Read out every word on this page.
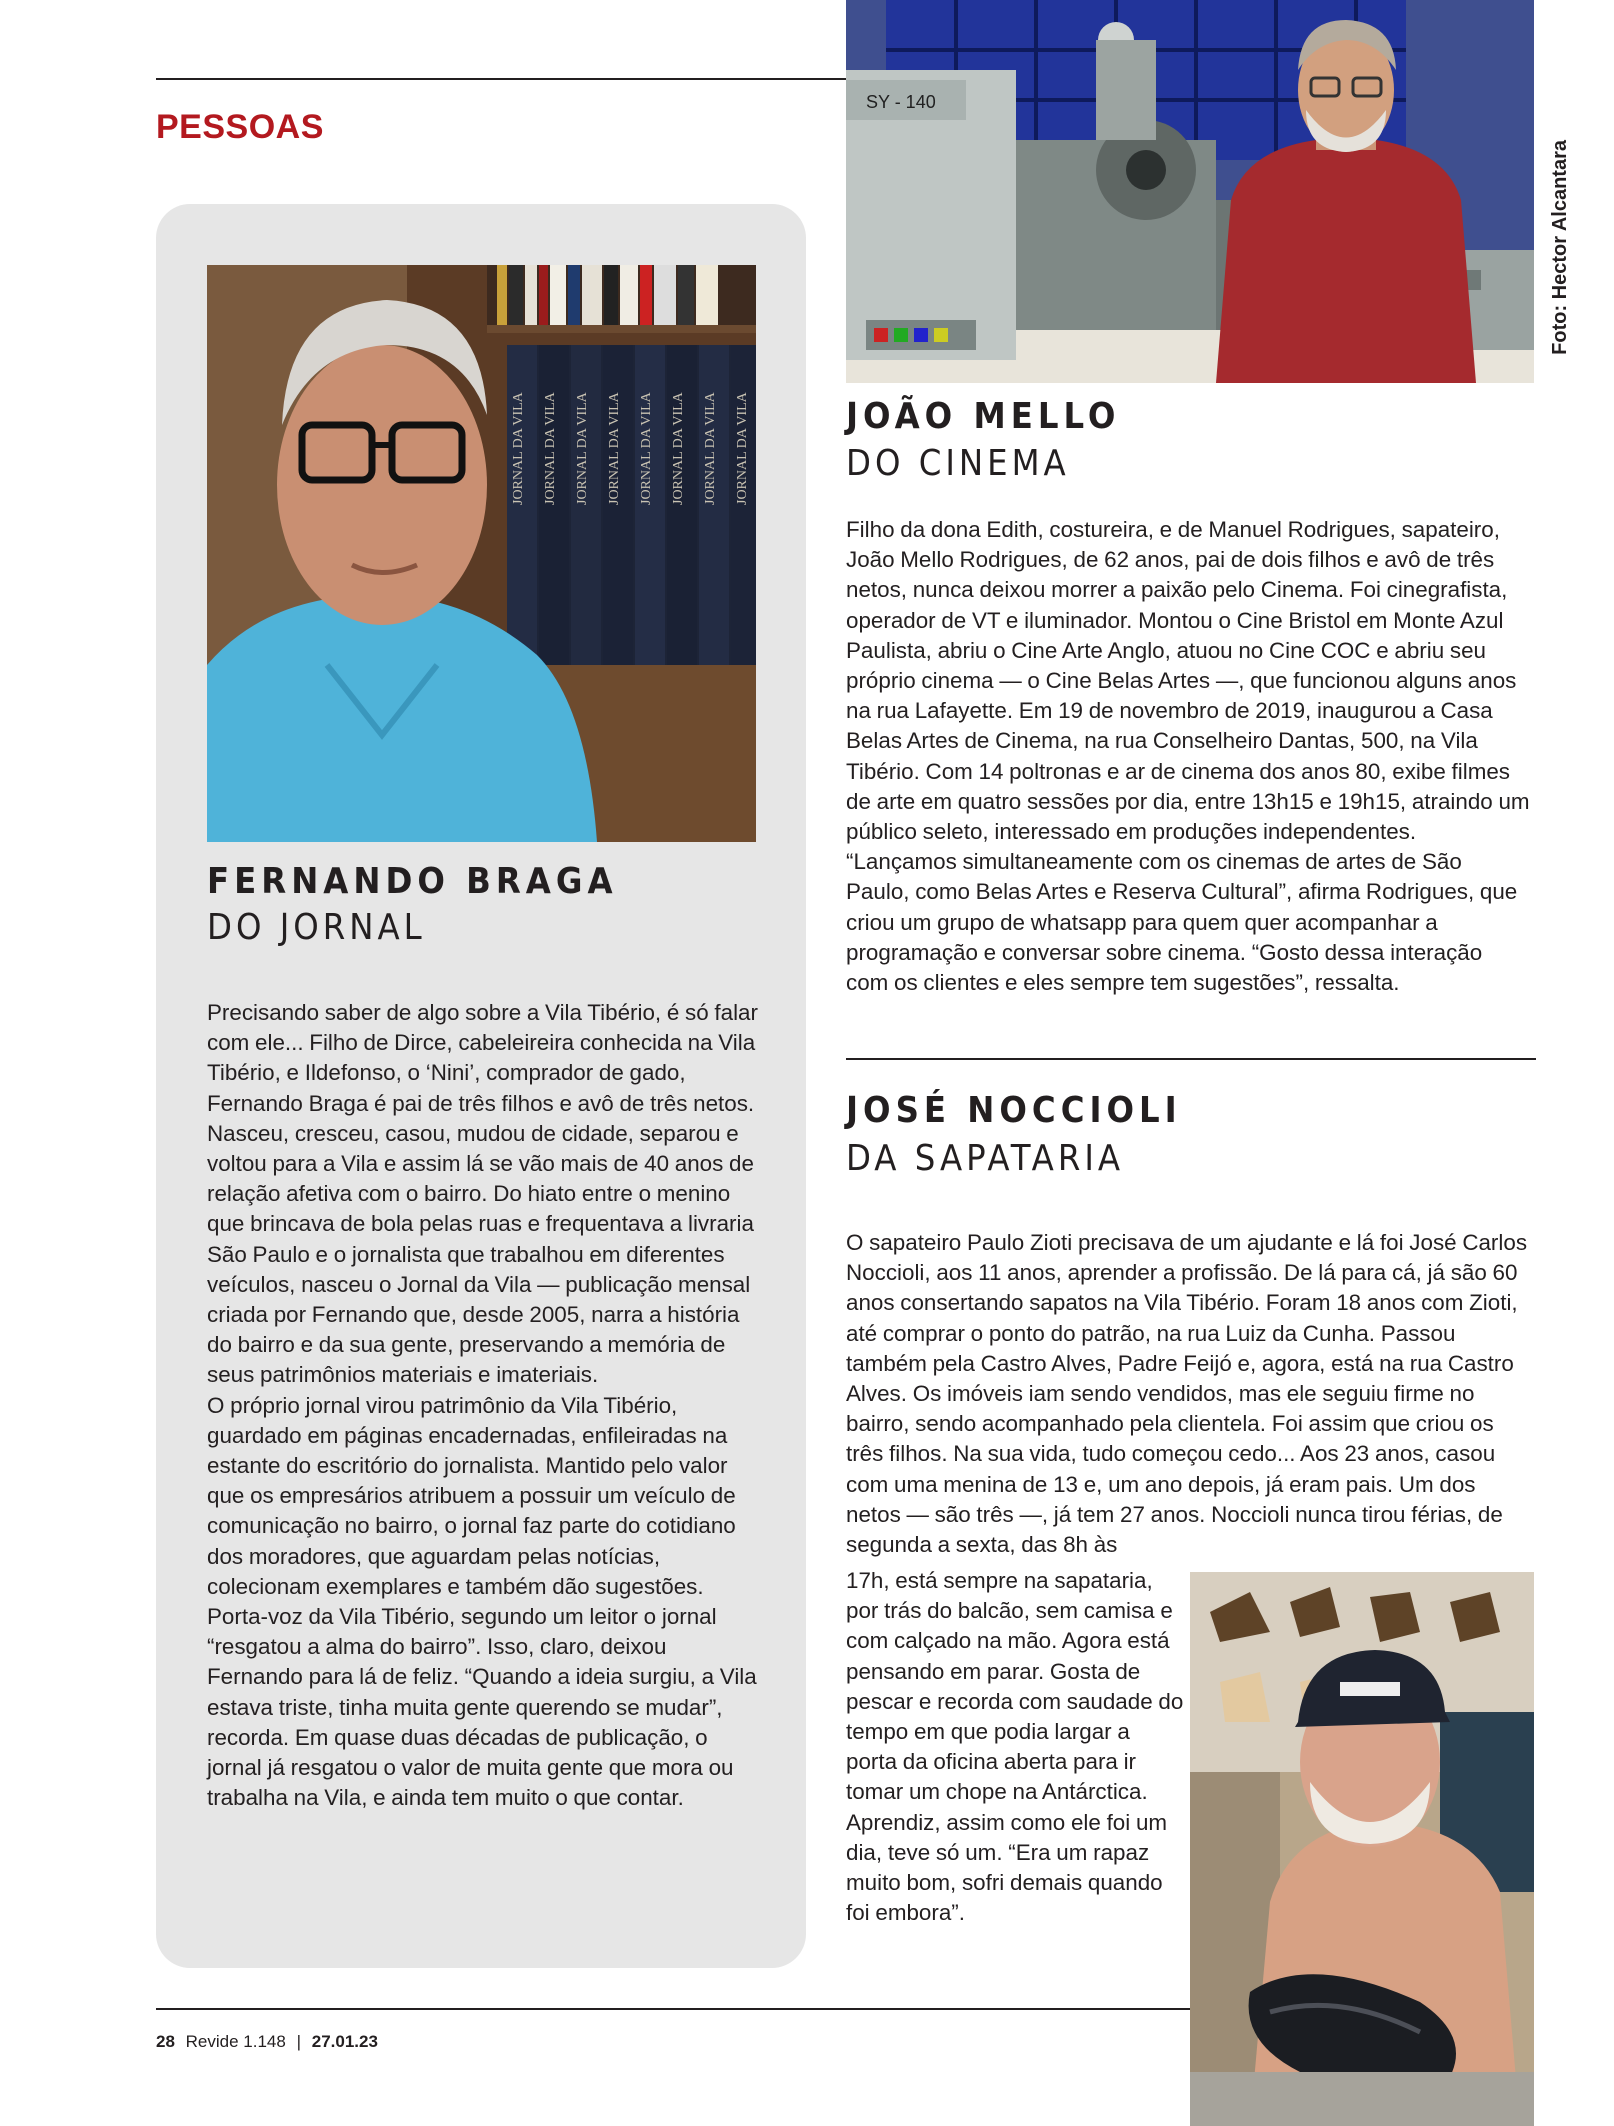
PESSOAS
Foto: Hector Alcantara
JORNAL DA VILA JORNAL DA VILA JORNAL DA VILA JORNAL DA VILA JORNAL DA VILA JORNAL DA VILA JORNAL DA VILA JORNAL DA VILA
FERNANDO BRAGA
DO JORNAL

Precisando saber de algo sobre a Vila Tibério, é só falar com ele... Filho de Dirce, cabeleireira conhecida na Vila Tibério, e Ildefonso, o ‘Nini’, comprador de gado, Fernando Braga é pai de três filhos e avô de três netos. Nasceu, cresceu, casou, mudou de cidade, separou e voltou para a Vila e assim lá se vão mais de 40 anos de relação afetiva com o bairro. Do hiato entre o menino que brincava de bola pelas ruas e frequentava a livraria São Paulo e o jornalista que trabalhou em diferentes veículos, nasceu o Jornal da Vila — publicação mensal criada por Fernando que, desde 2005, narra a história do bairro e da sua gente, preservando a memória de seus patrimônios materiais e imateriais.
O próprio jornal virou patrimônio da Vila Tibério, guardado em páginas encadernadas, enfileiradas na estante do escritório do jornalista. Mantido pelo valor que os empresários atribuem a possuir um veículo de comunicação no bairro, o jornal faz parte do cotidiano dos moradores, que aguardam pelas notícias, colecionam exemplares e também dão sugestões. Porta-voz da Vila Tibério, segundo um leitor o jornal “resgatou a alma do bairro”. Isso, claro, deixou Fernando para lá de feliz. “Quando a ideia surgiu, a Vila estava triste, tinha muita gente querendo se mudar”, recorda. Em quase duas décadas de publicação, o jornal já resgatou o valor de muita gente que mora ou trabalha na Vila, e ainda tem muito o que contar.

SY - 140
JOÃO MELLO
DO CINEMA

Filho da dona Edith, costureira, e de Manuel Rodrigues, sapateiro, João Mello Rodrigues, de 62 anos, pai de dois filhos e avô de três netos, nunca deixou morrer a paixão pelo Cinema. Foi cinegrafista, operador de VT e iluminador. Montou o Cine Bristol em Monte Azul Paulista, abriu o Cine Arte Anglo, atuou no Cine COC e abriu seu próprio cinema — o Cine Belas Artes —, que funcionou alguns anos na rua Lafayette. Em 19 de novembro de 2019, inaugurou a Casa Belas Artes de Cinema, na rua Conselheiro Dantas, 500, na Vila Tibério. Com 14 poltronas e ar de cinema dos anos 80, exibe filmes de arte em quatro sessões por dia, entre 13h15 e 19h15, atraindo um público seleto, interessado em produções independentes. “Lançamos simultaneamente com os cinemas de artes de São Paulo, como Belas Artes e Reserva Cultural”, afirma Rodrigues, que criou um grupo de whatsapp para quem quer acompanhar a programação e conversar sobre cinema. “Gosto dessa interação com os clientes e eles sempre tem sugestões”, ressalta.

JOSÉ NOCCIOLI
DA SAPATARIA

O sapateiro Paulo Zioti precisava de um ajudante e lá foi José Carlos Noccioli, aos 11 anos, aprender a profissão. De lá para cá, já são 60 anos consertando sapatos na Vila Tibério. Foram 18 anos com Zioti, até comprar o ponto do patrão, na rua Luiz da Cunha. Passou também pela Castro Alves, Padre Feijó e, agora, está na rua Castro Alves. Os imóveis iam sendo vendidos, mas ele seguiu firme no bairro, sendo acompanhado pela clientela. Foi assim que criou os três filhos. Na sua vida, tudo começou cedo... Aos 23 anos, casou com uma menina de 13 e, um ano depois, já eram pais. Um dos netos — são três —, já tem 27 anos. Noccioli nunca tirou férias, de segunda a sexta, das 8h às

17h, está sempre na sapataria, por trás do balcão, sem camisa e com calçado na mão. Agora está pensando em parar. Gosta de pescar e recorda com saudade do tempo em que podia largar a porta da oficina aberta para ir tomar um chope na Antárctica. Aprendiz, assim como ele foi um dia, teve só um. “Era um rapaz muito bom, sofri demais quando foi embora”.

28 Revide 1.148 | 27.01.23
